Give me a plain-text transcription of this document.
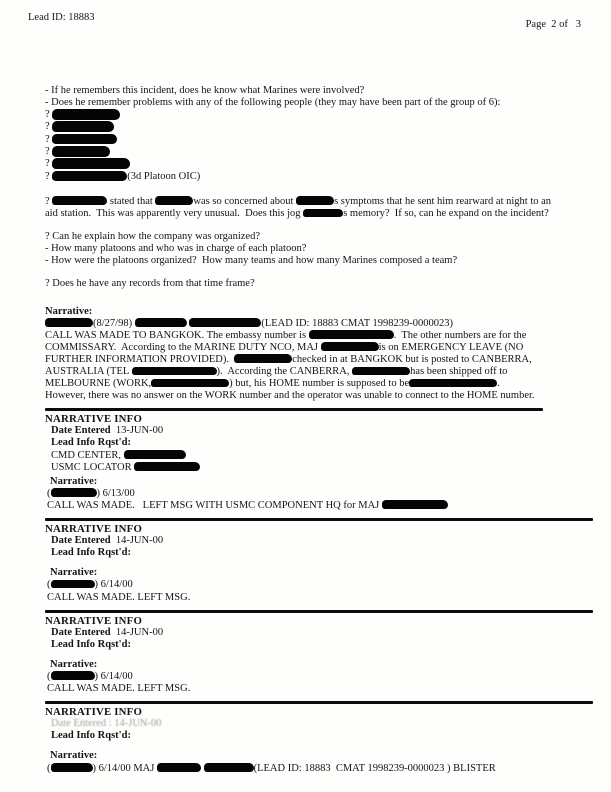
Lead ID: 18883
Page  2 of   3
- If he remembers this incident, does he know what Marines were involved?
- Does he remember problems with any of the following people (they may have been part of the group of 6):
?
?
?
?
?
?	(3d Platoon OIC)
?	stated that	was so concerned about	s symptoms that he sent him rearward at night to an
aid station.  This was apparently very unusual.  Does this jog	s memory?  If so, can he expand on the incident?
? Can he explain how the company was organized?
- How many platoons and who was in charge of each platoon?
- How were the platoons organized?  How many teams and how many Marines composed a team?
? Does he have any records from that time frame?
Narrative:
(8/27/98)	(LEAD ID: 18883 CMAT 1998239-0000023)
CALL WAS MADE TO BANGKOK. The embassy number is	.  The other numbers are for the
COMMISSARY.  According to the MARINE DUTY NCO, MAJ	is on EMERGENCY LEAVE (NO
FURTHER INFORMATION PROVIDED).	checked in at BANGKOK but is posted to CANBERRA,
AUSTRALIA (TEL	).  According the CANBERRA,	has been shipped off to
MELBOURNE (WORK,	) but, his HOME number is supposed to be	.
However, there was no answer on the WORK number and the operator was unable to connect to the HOME number.
NARRATIVE INFO
Date Entered  13-JUN-00
Lead Info Rqst'd:
CMD CENTER,
USMC LOCATOR
Narrative:
(	) 6/13/00
CALL WAS MADE.   LEFT MSG WITH USMC COMPONENT HQ for MAJ
NARRATIVE INFO
Date Entered  14-JUN-00
Lead Info Rqst'd:
Narrative:
(	) 6/14/00
CALL WAS MADE. LEFT MSG.
NARRATIVE INFO
Date Entered  14-JUN-00
Lead Info Rqst'd:
Narrative:
(	) 6/14/00
CALL WAS MADE. LEFT MSG.
NARRATIVE INFO
Date Entered : 14-JUN-00
Lead Info Rqst'd:
Narrative:
(	) 6/14/00 MAJ	(LEAD ID: 18883  CMAT 1998239-0000023 ) BLISTER
